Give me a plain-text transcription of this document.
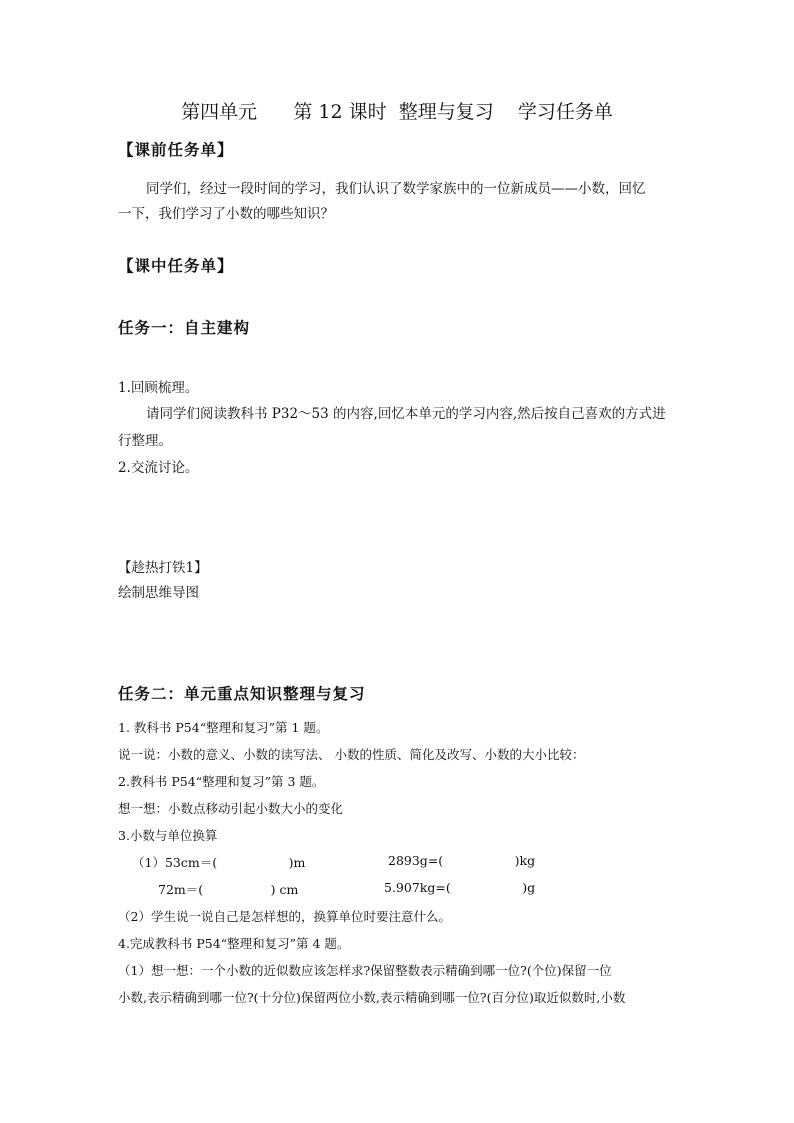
第四单元 第 12 课时  整理与复习 学习任务单
【课前任务单】
同学们，经过一段时间的学习，我们认识了数学家族中的一位新成员——小数，回忆
一下，我们学习了小数的哪些知识？
【课中任务单】
任务一：自主建构
1.回顾梳理。
请同学们阅读教科书 P32～53 的内容,回忆本单元的学习内容,然后按自己喜欢的方式进
行整理。
2.交流讨论。
【趁热打铁1】
绘制思维导图
任务二：单元重点知识整理与复习
1. 教科书 P54“整理和复习”第 1 题。
说一说：小数的意义、小数的读写法、 小数的性质、简化及改写、小数的大小比较：
2.教科书 P54“整理和复习”第 3 题。
想一想：小数点移动引起小数大小的变化
3.小数与单位换算
（1）53cm＝(                  )m	2893g=(                  )kg
72m＝(                 ) cm	5.907kg=(                  )g
（2）学生说一说自己是怎样想的，换算单位时要注意什么。
4.完成教科书 P54“整理和复习”第 4 题。
（1）想一想：一个小数的近似数应该怎样求?保留整数表示精确到哪一位?(个位)保留一位
小数,表示精确到哪一位?(十分位)保留两位小数,表示精确到哪一位?(百分位)取近似数时,小数
